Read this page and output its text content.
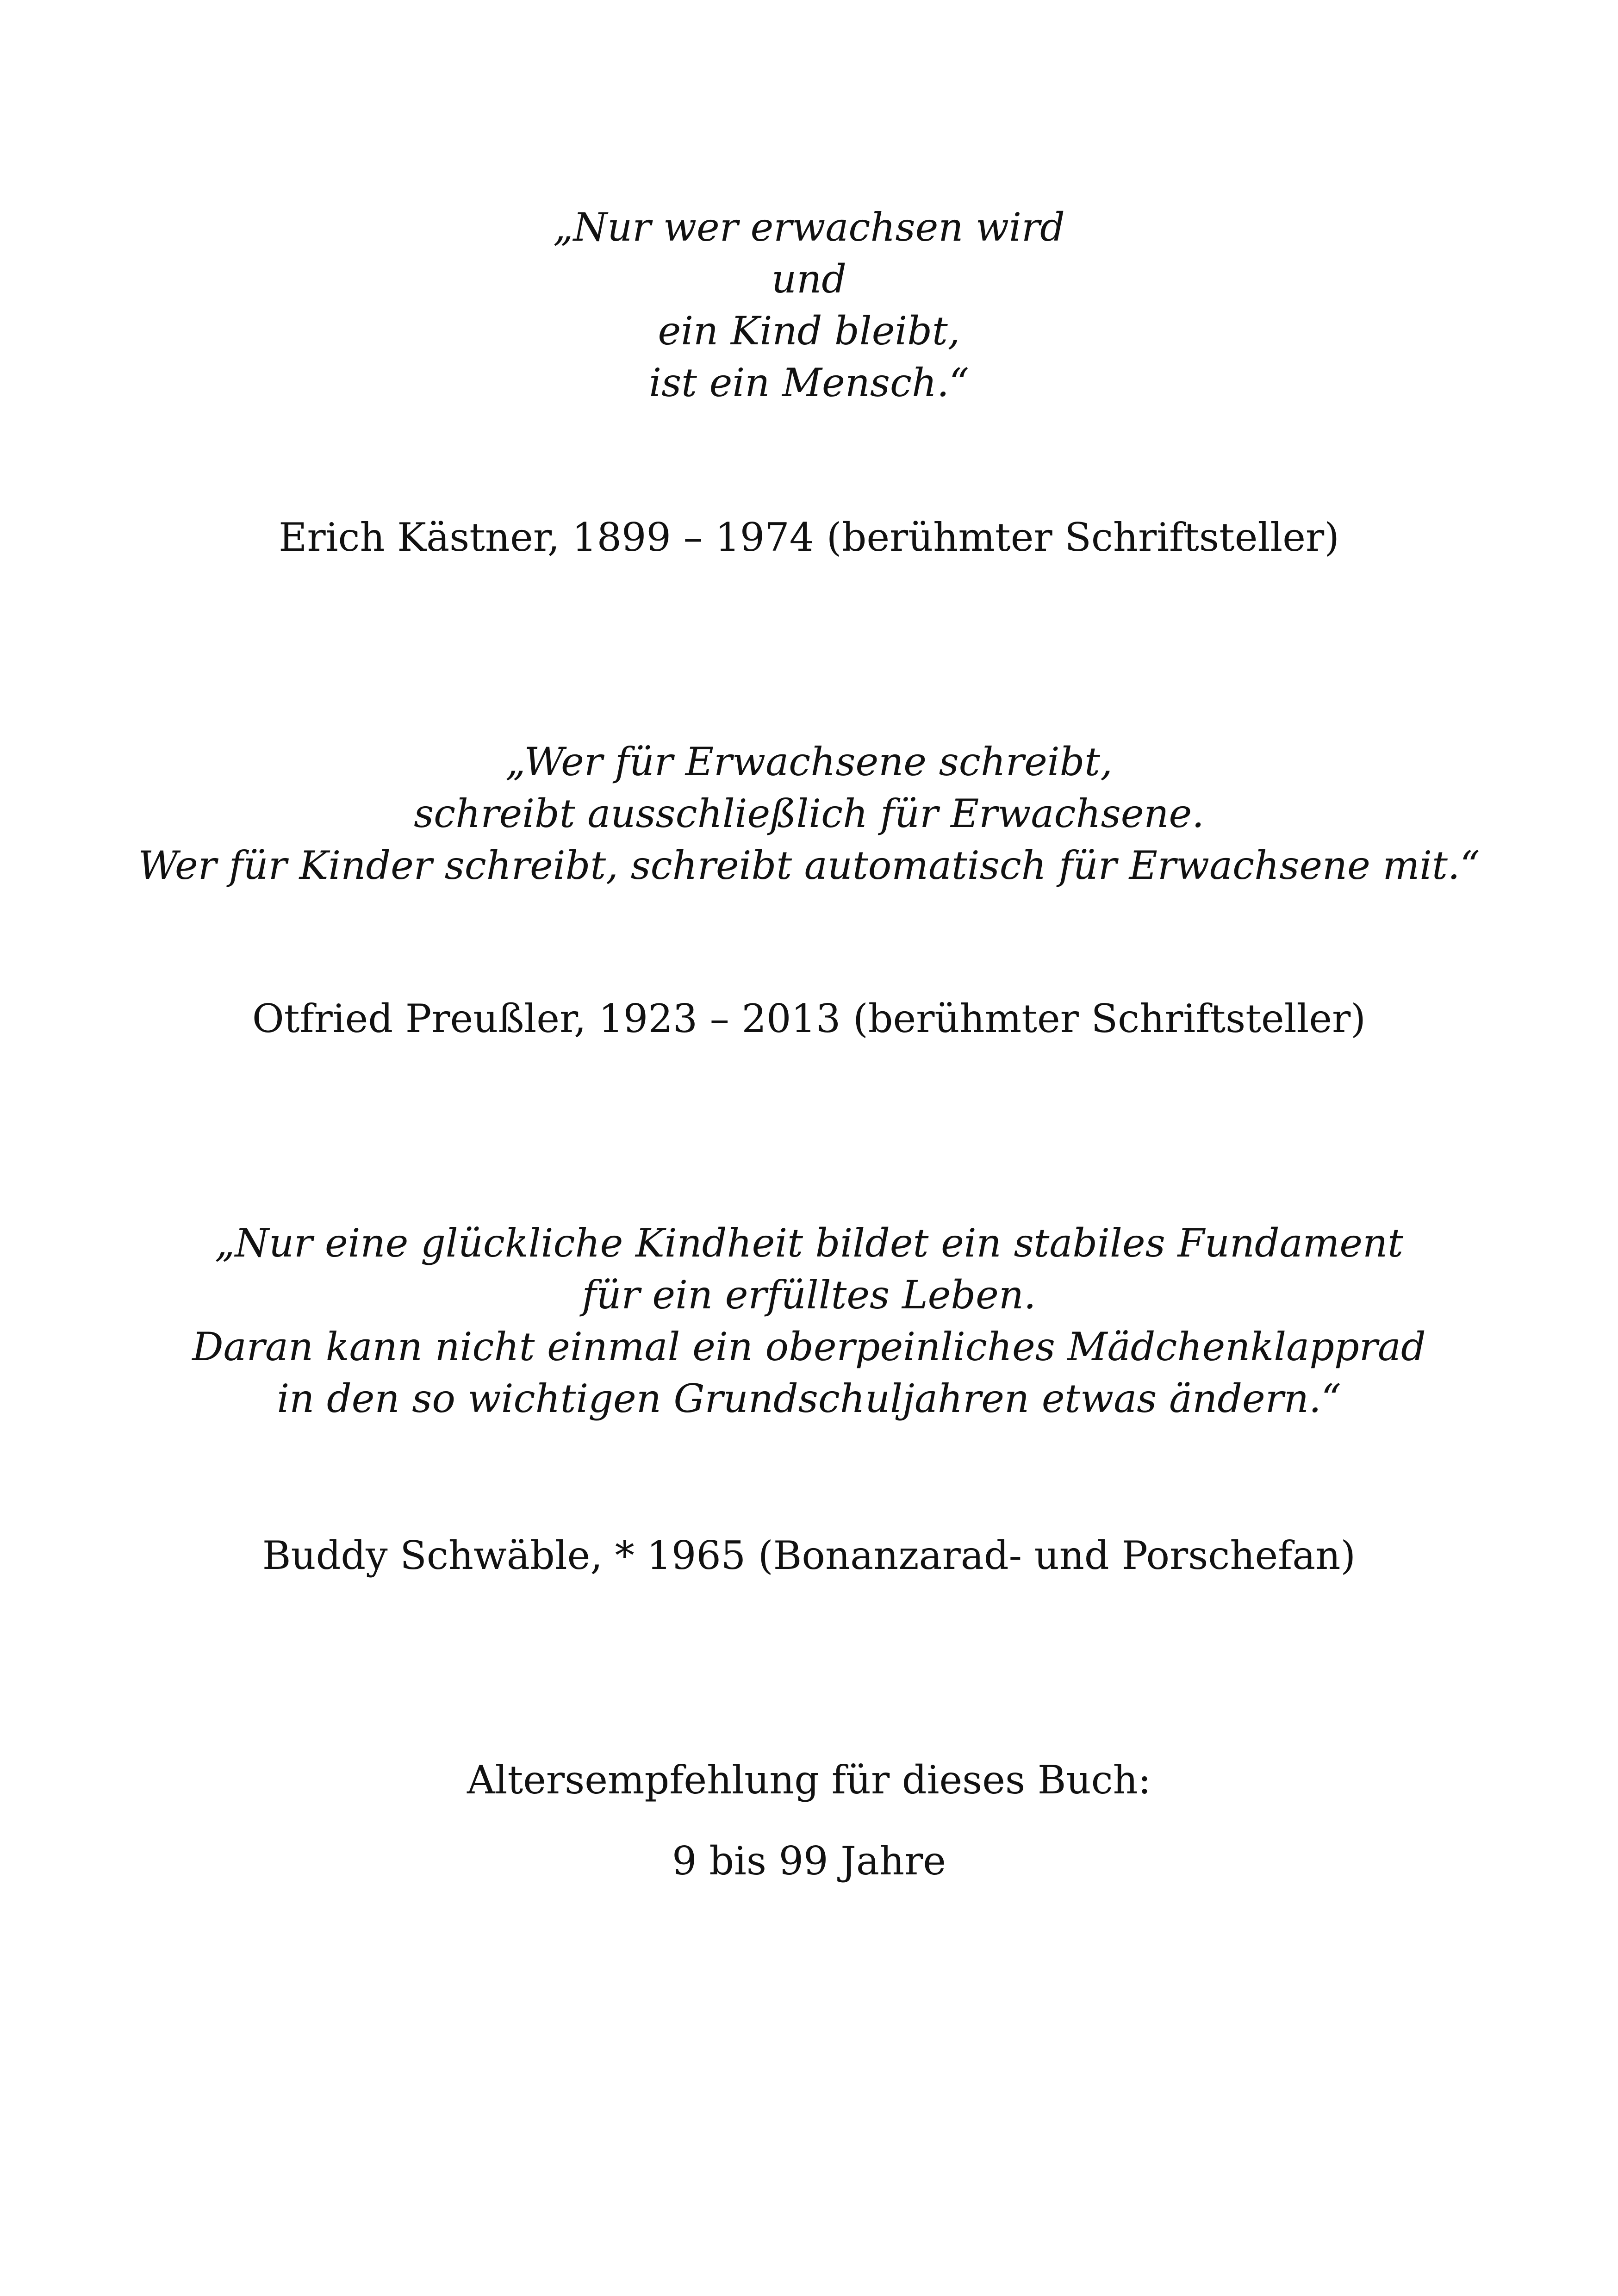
„Nur wer erwachsen wird
und
ein Kind bleibt,
ist ein Mensch.“

Erich Kästner, 1899 – 1974 (berühmter Schriftsteller)

„Wer für Erwachsene schreibt,
schreibt ausschließlich für Erwachsene.
Wer für Kinder schreibt, schreibt automatisch für Erwachsene mit.“

Otfried Preußler, 1923 – 2013 (berühmter Schriftsteller)

„Nur eine glückliche Kindheit bildet ein stabiles Fundament
für ein erfülltes Leben.
Daran kann nicht einmal ein oberpeinliches Mädchenklapprad
in den so wichtigen Grundschuljahren etwas ändern.“

Buddy Schwäble, * 1965 (Bonanzarad- und Porschefan)

Altersempfehlung für dieses Buch:

9 bis 99 Jahre
